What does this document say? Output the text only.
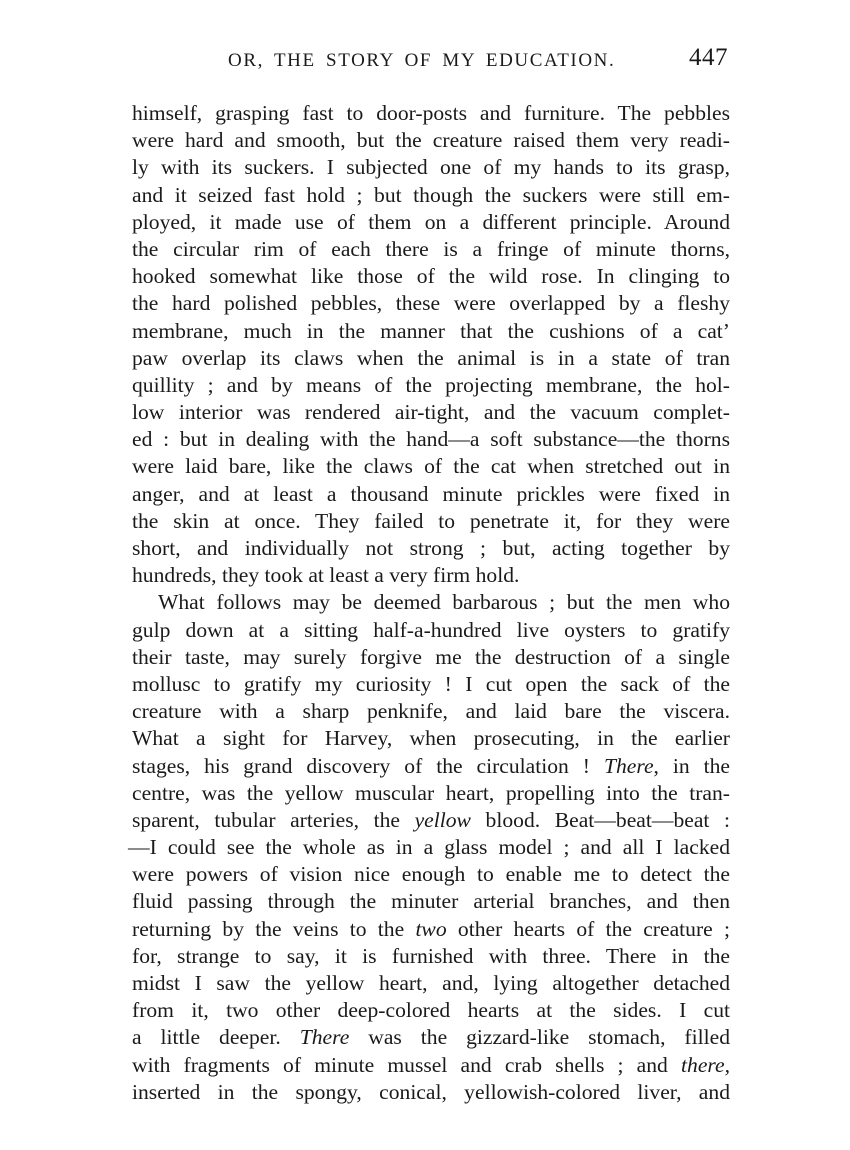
OR, THE STORY OF MY EDUCATION.	447
himself, grasping fast to door-posts and furniture. The pebbles
were hard and smooth, but the creature raised them very readi-
ly with its suckers. I subjected one of my hands to its grasp,
and it seized fast hold ; but though the suckers were still em-
ployed, it made use of them on a different principle. Around
the circular rim of each there is a fringe of minute thorns,
hooked somewhat like those of the wild rose. In clinging to
the hard polished pebbles, these were overlapped by a fleshy
membrane, much in the manner that the cushions of a cat’
paw overlap its claws when the animal is in a state of tran
quillity ; and by means of the projecting membrane, the hol-
low interior was rendered air-tight, and the vacuum complet-
ed : but in dealing with the hand—a soft substance—the thorns
were laid bare, like the claws of the cat when stretched out in
anger, and at least a thousand minute prickles were fixed in
the skin at once. They failed to penetrate it, for they were
short, and individually not strong ; but, acting together by
hundreds, they took at least a very firm hold.
What follows may be deemed barbarous ; but the men who
gulp down at a sitting half-a-hundred live oysters to gratify
their taste, may surely forgive me the destruction of a single
mollusc to gratify my curiosity ! I cut open the sack of the
creature with a sharp penknife, and laid bare the viscera.
What a sight for Harvey, when prosecuting, in the earlier
stages, his grand discovery of the circulation ! There, in the
centre, was the yellow muscular heart, propelling into the tran-
sparent, tubular arteries, the yellow blood. Beat—beat—beat :
—I could see the whole as in a glass model ; and all I lacked
were powers of vision nice enough to enable me to detect the
fluid passing through the minuter arterial branches, and then
returning by the veins to the two other hearts of the creature ;
for, strange to say, it is furnished with three. There in the
midst I saw the yellow heart, and, lying altogether detached
from it, two other deep-colored hearts at the sides. I cut
a little deeper. There was the gizzard-like stomach, filled
with fragments of minute mussel and crab shells ; and there,
inserted in the spongy, conical, yellowish-colored liver, and
